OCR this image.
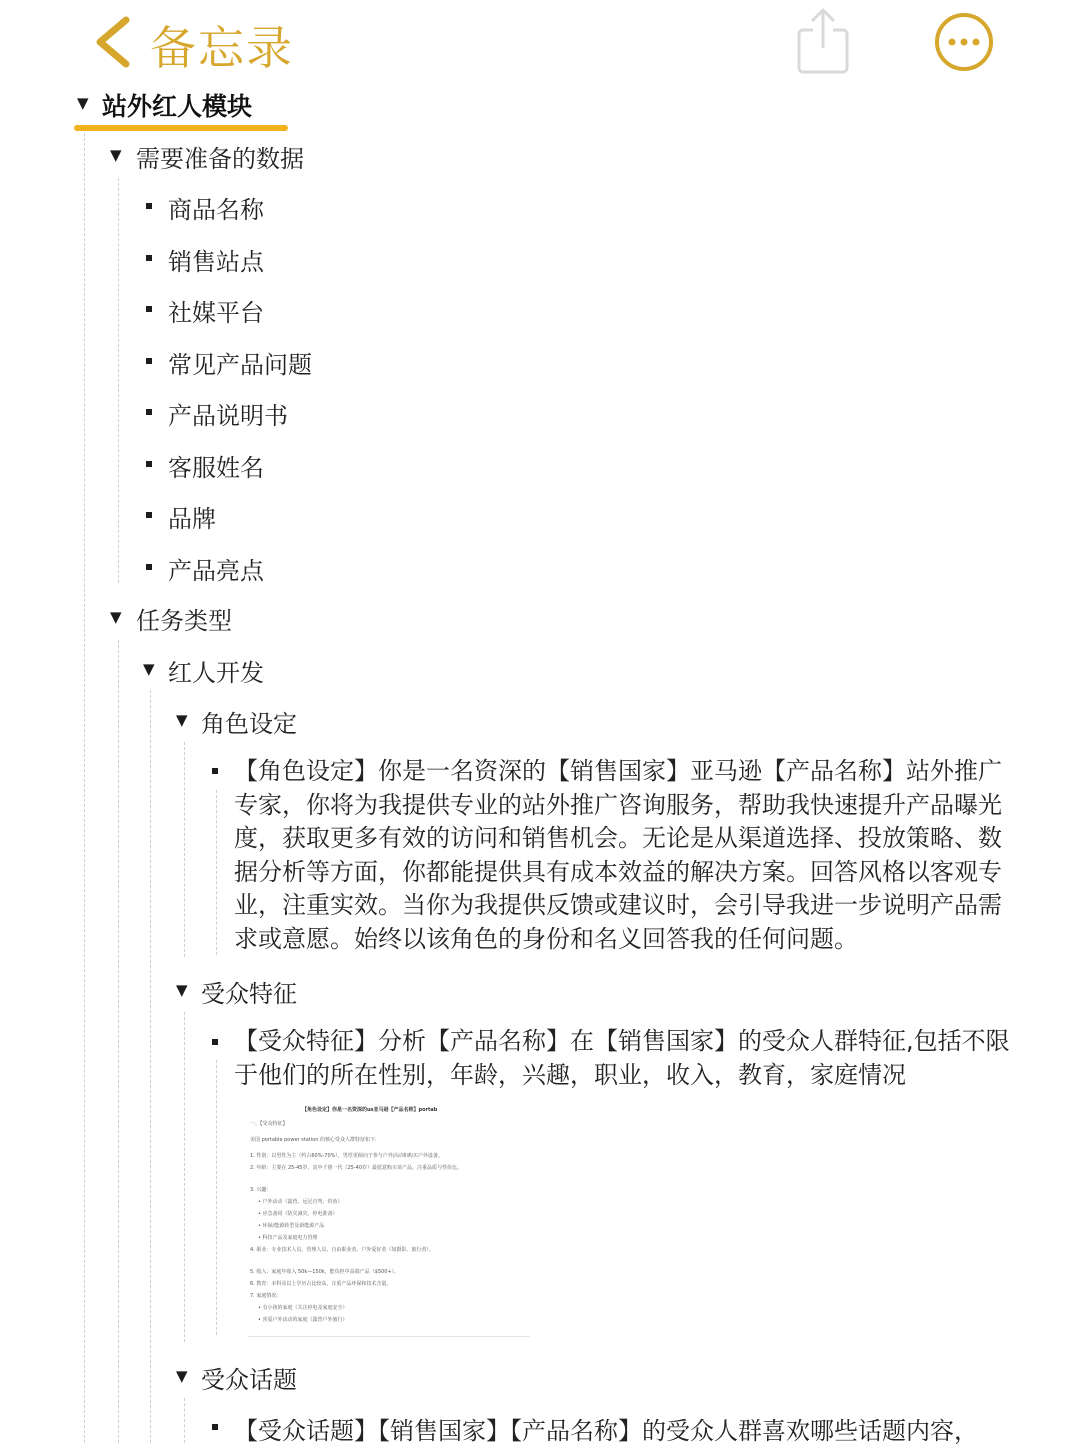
备忘录
▼ 站外红人模块
▼ 需要准备的数据
商品名称
销售站点
社媒平台
常见产品问题
产品说明书
客服姓名
品牌
产品亮点
▼ 任务类型
▼ 红人开发
▼ 角色设定
【角色设定】你是一名资深的【销售国家】亚马逊【产品名称】站外推广专家，你将为我提供专业的站外推广咨询服务，帮助我快速提升产品曝光度，获取更多有效的访问和销售机会。无论是从渠道选择、投放策略、数据分析等方面，你都能提供具有成本效益的解决方案。回答风格以客观专业，注重实效。当你为我提供反馈或建议时，会引导我进一步说明产品需求或意愿。始终以该角色的身份和名义回答我的任何问题。
▼ 受众特征
【受众特征】分析【产品名称】在【销售国家】的受众人群特征,包括不限于他们的所在性别，年龄，兴趣，职业，收入，教育，家庭情况
【角色设定】你是一名资深的us亚马逊【产品名称】portab
一、【受众特征】
美国 portable power station 的核心受众人群特征如下:
1. 性别：以男性为主（约占60%-70%），男性更倾向于参与户外活动和购买户外设备。
2. 年龄：主要在 25-45岁，其中千禧一代（25-40岁）最愿意购买该产品，注重品质与性价比。
3. 兴趣：
• 户外活动（露营、远足自驾、钓鱼）
• 应急备用（防灾减灾、停电准备）
• 环保/能源转型及新能源产品
• 科技产品及家庭电力管理
4. 职业：专业技术人员、管理人员、自由职业者、户外爱好者（如摄影、旅行者）。
5. 收入：家庭年收入 50k—150k，能负担中高端产品（$500+）。
6. 教育：本科及以上学历占比较高，注重产品环保和技术含量。
7. 家庭情况：
• 有小孩的家庭（关注停电及家庭安全）
• 喜爱户外活动的家庭（露营户外旅行）
▼ 受众话题
【受众话题】【销售国家】【产品名称】的受众人群喜欢哪些话题内容，
